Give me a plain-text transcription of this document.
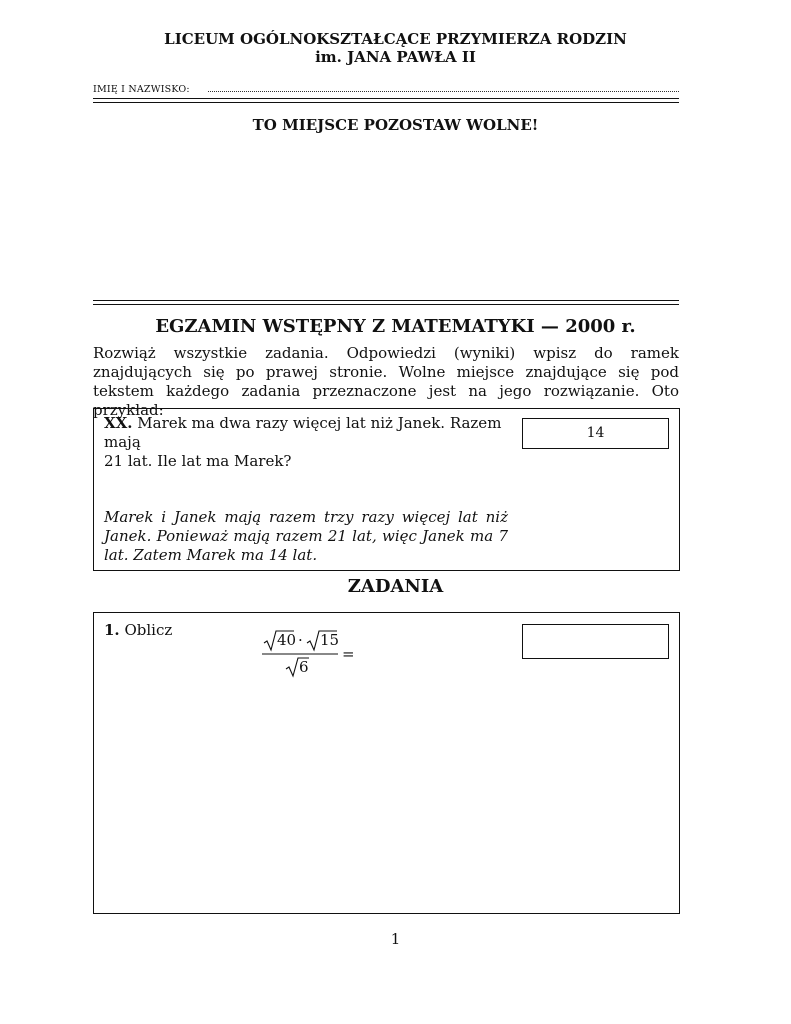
LICEUM OGÓLNOKSZTAŁCĄCE PRZYMIERZA RODZIN
im. JANA PAWŁA II
IMIĘ I NAZWISKO:
TO MIEJSCE POZOSTAW WOLNE!
EGZAMIN WSTĘPNY Z MATEMATYKI — 2000 r.
Rozwiąż wszystkie zadania. Odpowiedzi (wyniki) wpisz do ramek znajdujących się po prawej stronie. Wolne miejsce znajdujące się pod tekstem każdego zadania przeznaczone jest na jego rozwiązanie. Oto przykład:
XX. Marek ma dwa razy więcej lat niż Janek. Razem mają
21 lat. Ile lat ma Marek?
14
Marek i Janek mają razem trzy razy więcej lat niż Janek. Ponieważ mają razem 21 lat, więc Janek ma 7 lat. Zatem Marek ma 14 lat.
ZADANIA
1. Oblicz
40 · 15
6
=
1
